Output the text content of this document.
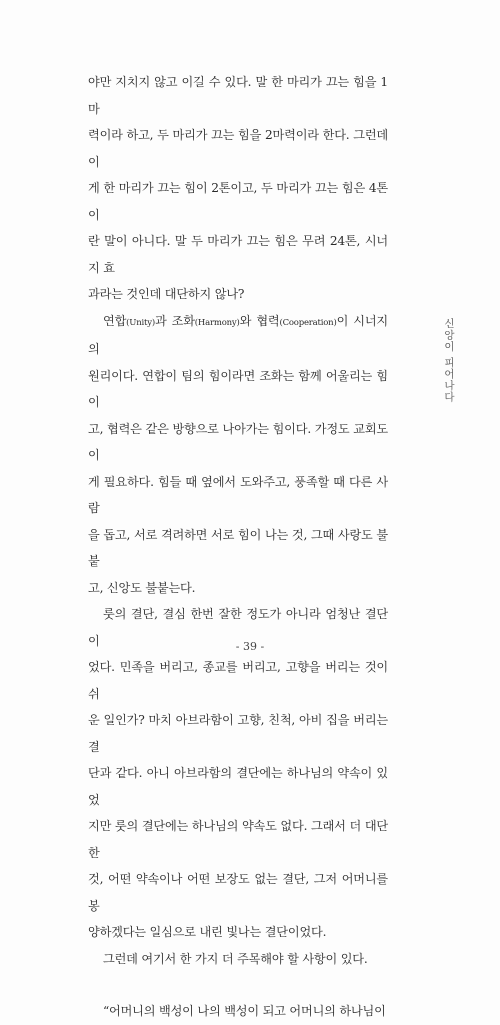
야만 지치지 않고 이길 수 있다. 말 한 마리가 끄는 힘을 1마
력이라 하고, 두 마리가 끄는 힘을 2마력이라 한다. 그런데 이
게 한 마리가 끄는 힘이 2톤이고, 두 마리가 끄는 힘은 4톤이
란 말이 아니다. 말 두 마리가 끄는 힘은 무려 24톤, 시너지 효
과라는 것인데 대단하지 않나?

연합(Unity)과 조화(Harmony)와 협력(Cooperation)이 시너지의
원리이다. 연합이 팀의 힘이라면 조화는 함께 어울리는 힘이
고, 협력은 같은 방향으로 나아가는 힘이다. 가정도 교회도 이
게 필요하다. 힘들 때 옆에서 도와주고, 풍족할 때 다른 사람
을 돕고, 서로 격려하면 서로 힘이 나는 것, 그때 사랑도 불붙
고, 신앙도 불붙는다.

룻의 결단, 결심 한번 잘한 정도가 아니라 엄청난 결단이
었다. 민족을 버리고, 종교를 버리고, 고향을 버리는 것이 쉬
운 일인가? 마치 아브라함이 고향, 친척, 아비 집을 버리는 결
단과 같다. 아니 아브라함의 결단에는 하나님의 약속이 있었
지만 룻의 결단에는 하나님의 약속도 없다. 그래서 더 대단한
것, 어떤 약속이나 어떤 보장도 없는 결단, 그저 어머니를 봉
양하겠다는 일심으로 내린 빛나는 결단이었다.

그런데 여기서 한 가지 더 주목해야 할 사항이 있다.

“어머니의 백성이 나의 백성이 되고 어머니의 하나님이

신앙이 피어나다
- 39 -
